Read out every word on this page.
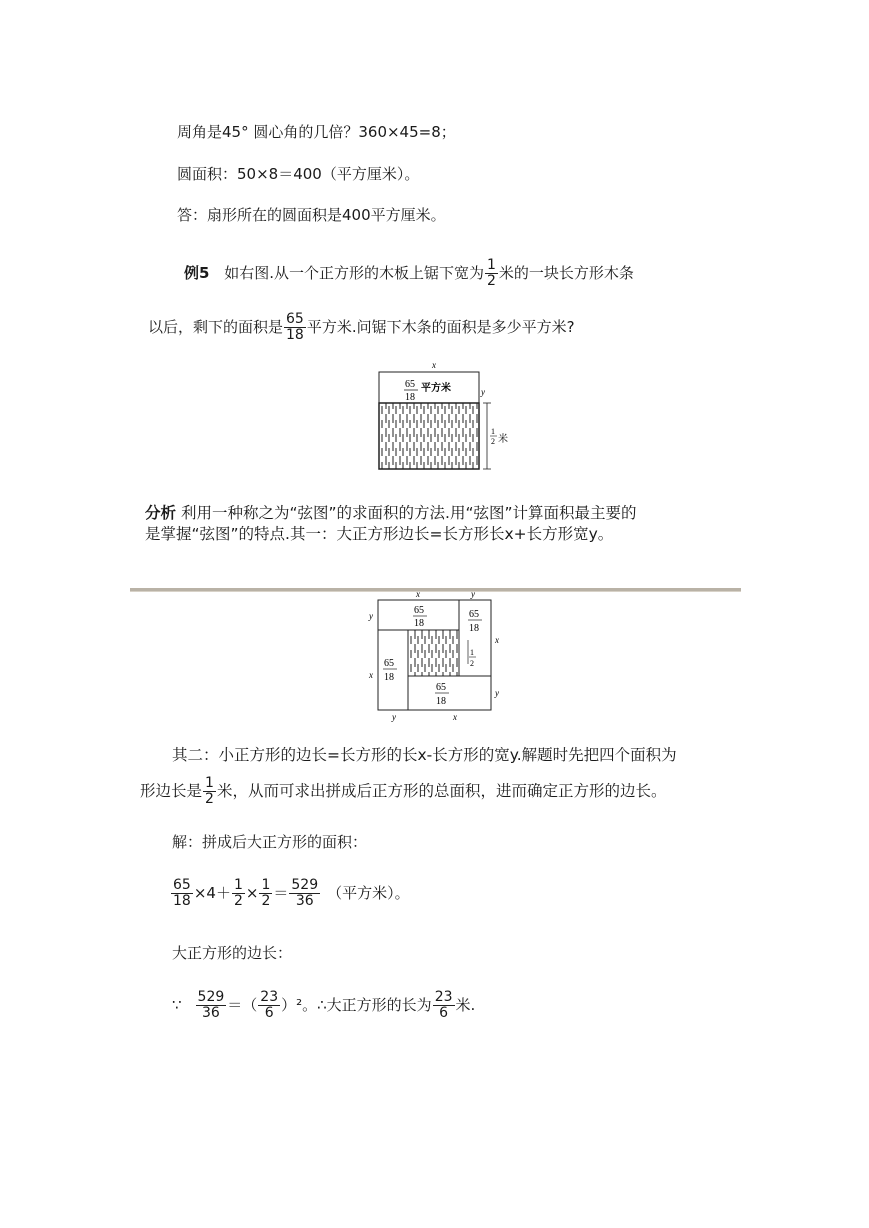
周角是45° 圆心角的几倍？360×45=8；
圆面积：50×8＝400（平方厘米）。
答：扇形所在的圆面积是400平方厘米。
例5 如右图.从一个正方形的木板上锯下宽为 $\frac{1}{2}$ 米的一块长方形木条
以后，剩下的面积是 $\frac{65}{18}$ 平方米.问锯下木条的面积是多少平方米?
x
65
18
平方米	y
1
2 米
分析 利用一种称之为“弦图”的求面积的方法.用“弦图”计算面积最主要的
是掌握“弦图”的特点.其一：大正方形边长=长方形长x+长方形宽y。
x	y
y
x
x
y
y	x
65
18
65
18
65
18
65
18
1
2
其二：小正方形的边长=长方形的长x-长方形的宽y.解题时先把四个面积为
形边长是 $\frac{1}{2}$ 米，从而可求出拼成后正方形的总面积，进而确定正方形的边长。
解：拼成后大正方形的面积：
$\frac{65}{18} \times 4+ \frac{1}{2} \times \frac{1}{2} = \frac{529}{36}$ （平方米）。
大正方形的边长：
∵ $\frac{529}{36}$ ＝（ $\frac{23}{6} )^2$。∴大正方形的长为 $\frac{23}{6}$ 米.
